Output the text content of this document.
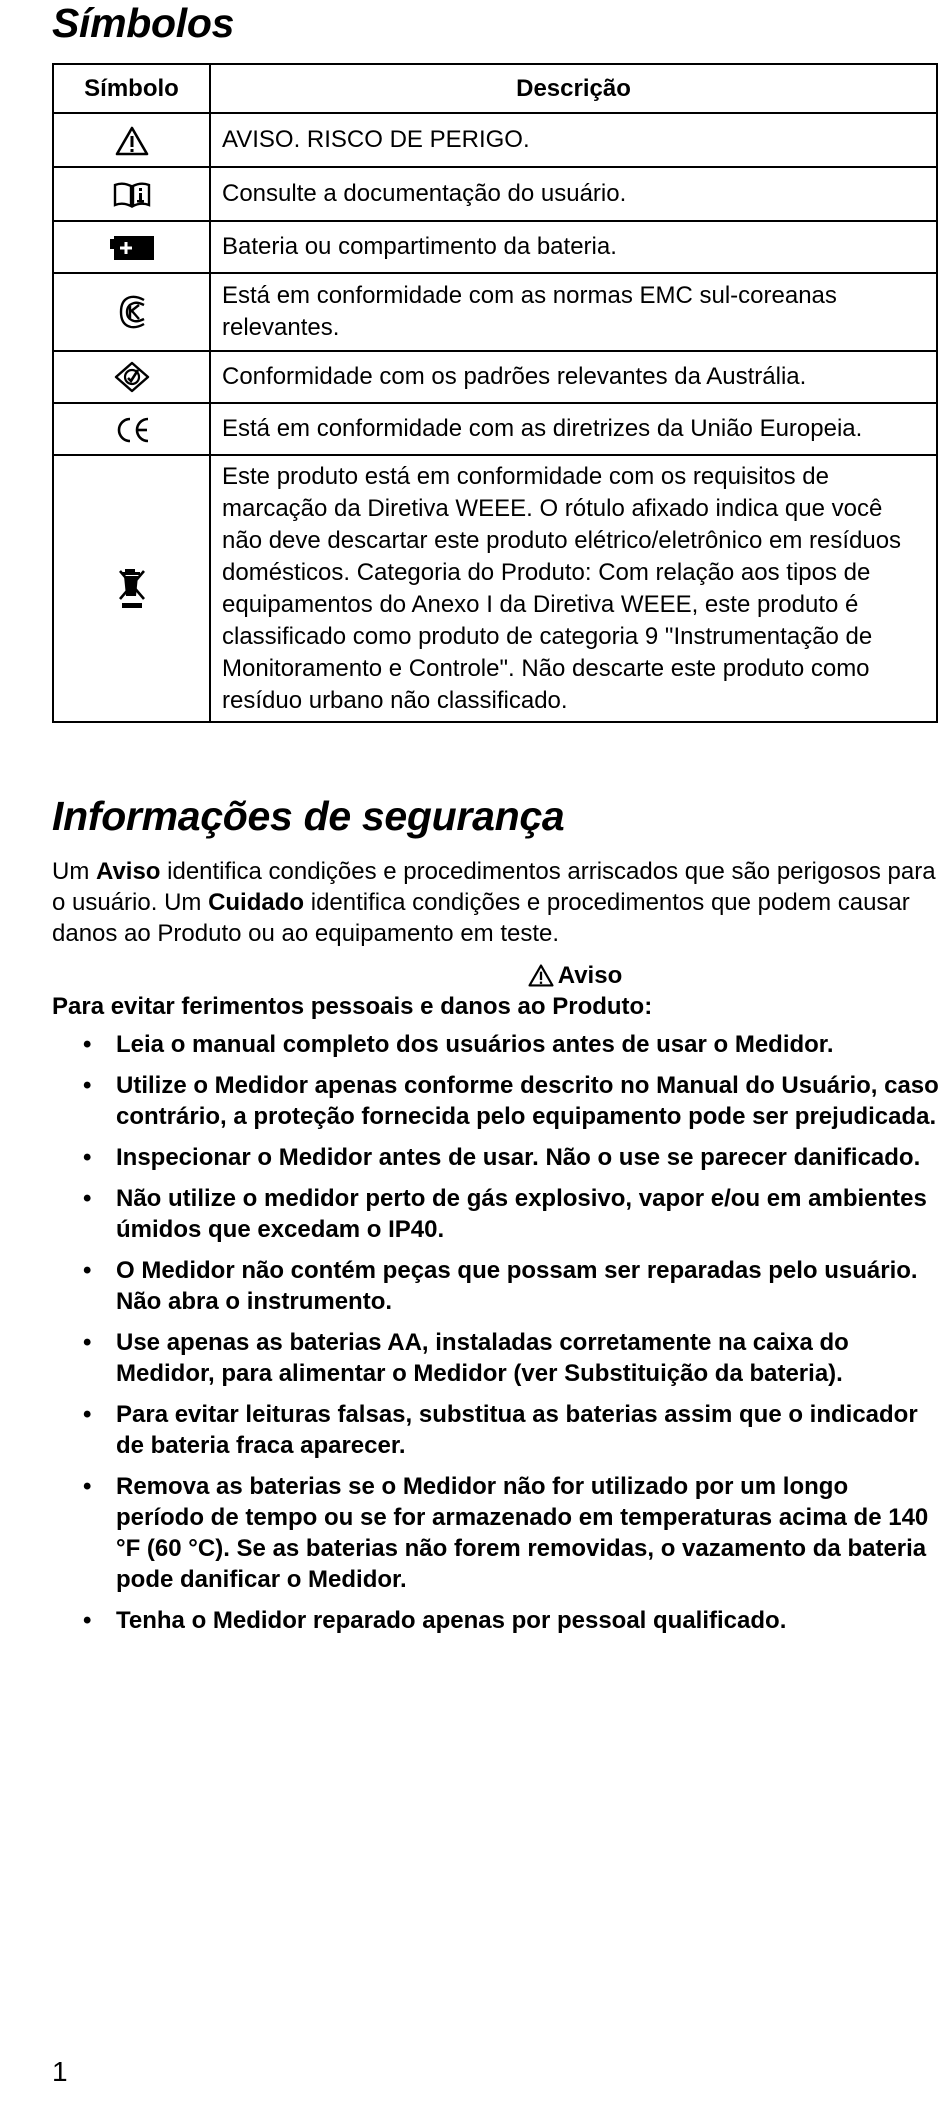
Símbolos
Símbolo	Descrição
	AVISO. RISCO DE PERIGO.
	Consulte a documentação do usuário.
	Bateria ou compartimento da bateria.
	Está em conformidade com as normas EMC sul-coreanas relevantes.
	Conformidade com os padrões relevantes da Austrália.
	Está em conformidade com as diretrizes da União Europeia.
	Este produto está em conformidade com os requisitos de marcação da Diretiva WEEE. O rótulo afixado indica que você não deve descartar este produto elétrico/eletrônico em resíduos domésticos. Categoria do Produto: Com relação aos tipos de equipamentos do Anexo I da Diretiva WEEE, este produto é classificado como produto de categoria 9 "Instrumentação de Monitoramento e Controle". Não descarte este produto como resíduo urbano não classificado.
Informações de segurança

Um Aviso identifica condições e procedimentos arriscados que são perigosos para o usuário. Um Cuidado identifica condições e procedimentos que podem causar danos ao Produto ou ao equipamento em teste.

Aviso

Para evitar ferimentos pessoais e danos ao Produto:

• Leia o manual completo dos usuários antes de usar o Medidor.
• Utilize o Medidor apenas conforme descrito no Manual do Usuário, caso contrário, a proteção fornecida pelo equipamento pode ser prejudicada.
• Inspecionar o Medidor antes de usar. Não o use se parecer danificado.
• Não utilize o medidor perto de gás explosivo, vapor e/ou em ambientes úmidos que excedam o IP40.
• O Medidor não contém peças que possam ser reparadas pelo usuário. Não abra o instrumento.
• Use apenas as baterias AA, instaladas corretamente na caixa do Medidor, para alimentar o Medidor (ver Substituição da bateria).
• Para evitar leituras falsas, substitua as baterias assim que o indicador de bateria fraca aparecer.
• Remova as baterias se o Medidor não for utilizado por um longo período de tempo ou se for armazenado em temperaturas acima de 140 °F (60 °C). Se as baterias não forem removidas, o vazamento da bateria pode danificar o Medidor.
• Tenha o Medidor reparado apenas por pessoal qualificado.
1
